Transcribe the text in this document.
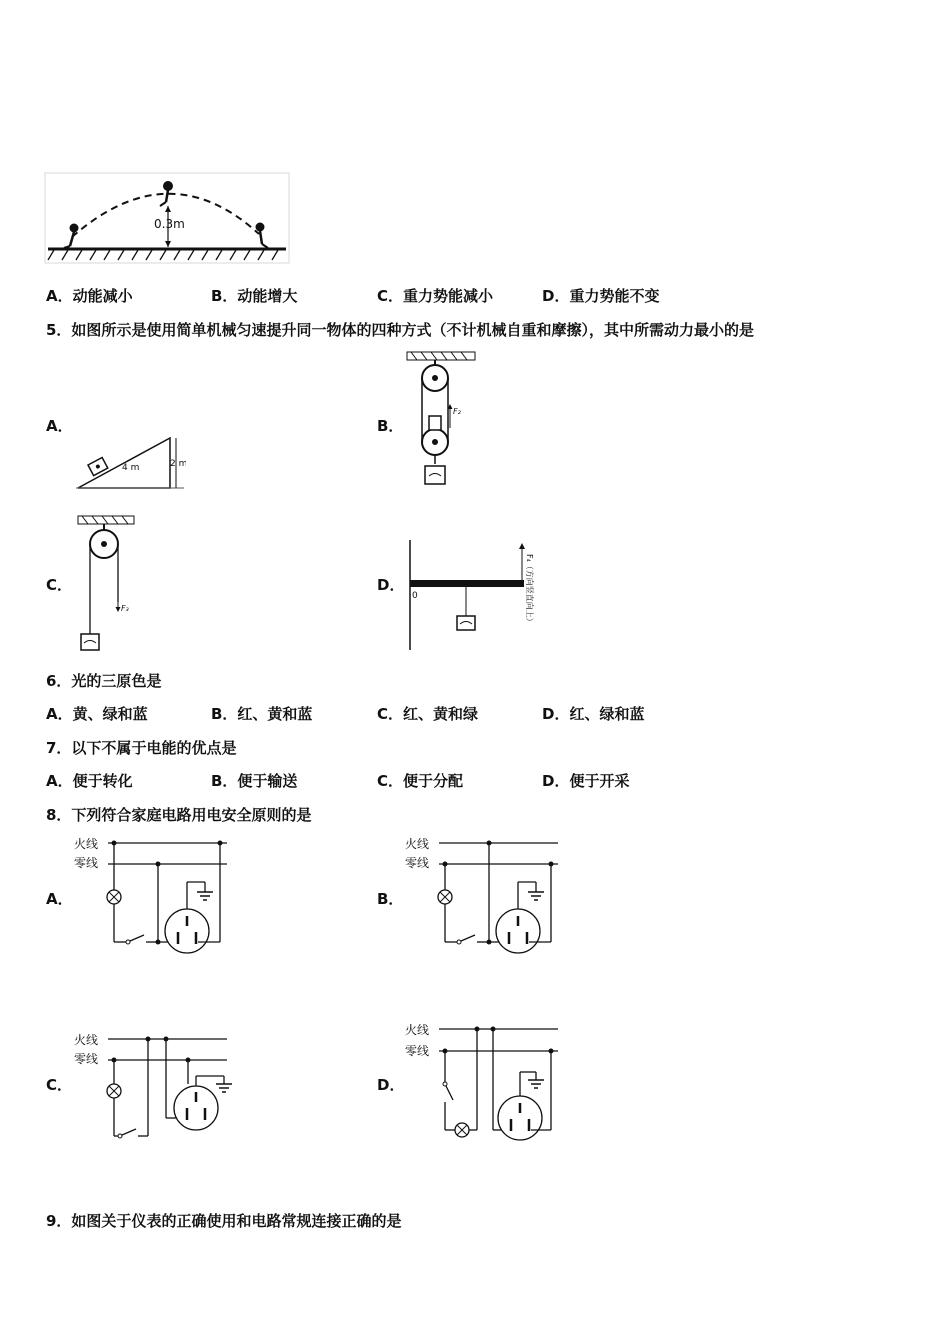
0.3m
A．动能减小	B．动能增大	C．重力势能减小	D．重力势能不变
5．如图所示是使用简单机械匀速提升同一物体的四种方式（不计机械自重和摩擦），其中所需动力最小的是
A．
4 m	2 m
B．
F₂
C．
F₃
D．
0	F₄（方向竖直向上）
6．光的三原色是
A．黄、绿和蓝	B．红、黄和蓝	C．红、黄和绿	D．红、绿和蓝
7．以下不属于电能的优点是
A．便于转化	B．便于输送	C．便于分配	D．便于开采
8．下列符合家庭电路用电安全原则的是
A．
火线
零线
B．
火线
零线
C．
火线
零线
D．
火线
零线
9．如图关于仪表的正确使用和电路常规连接正确的是
